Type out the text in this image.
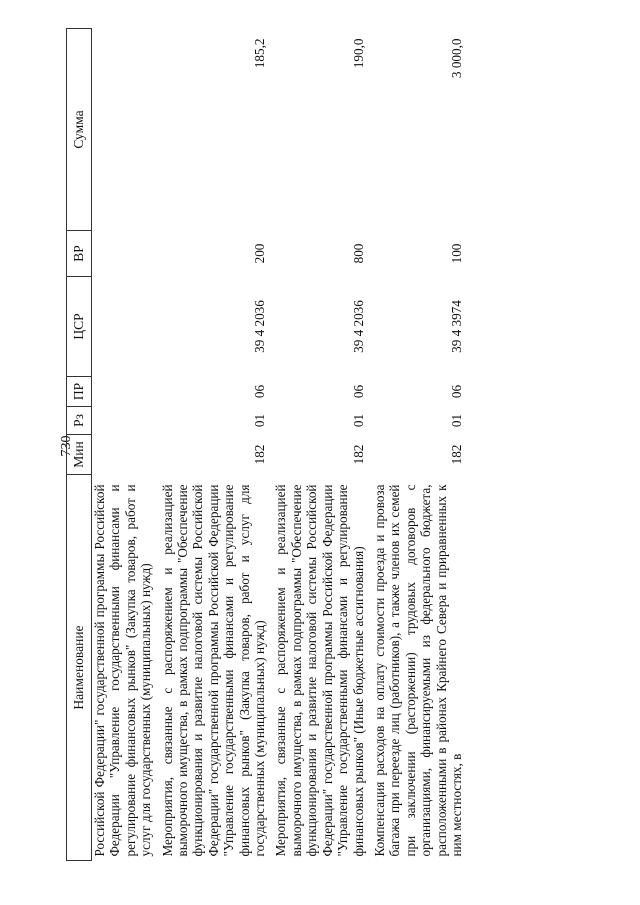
730
Наименование	Мин	Рз	ПР	ЦСР	ВР	Сумма
Российской Федерации" государственной программы Российской Федерации "Управление государственными финансами и регулирование финансовых рынков" (Закупка товаров, работ и услуг для государственных (муниципальных) нужд)						
Мероприятия, связанные с распоряжением и реализацией выморочного имущества, в рамках подпрограммы "Обеспечение функционирования и развитие налоговой системы Российской Федерации" государственной программы Российской Федерации "Управление государственными финансами и регулирование финансовых рынков" (Закупка товаров, работ и услуг для государственных (муниципальных) нужд)	182	01	06	39 4 2036	200	185,2
Мероприятия, связанные с распоряжением и реализацией выморочного имущества, в рамках подпрограммы "Обеспечение функционирования и развитие налоговой системы Российской Федерации" государственной программы Российской Федерации "Управление государственными финансами и регулирование финансовых рынков" (Иные бюджетные ассигнования)	182	01	06	39 4 2036	800	190,0
Компенсация расходов на оплату стоимости проезда и провоза багажа при переезде лиц (работников), а также членов их семей при заключении (расторжении) трудовых договоров с организациями, финансируемыми из федерального бюджета, расположенными в районах Крайнего Севера и приравненных к ним местностях, в	182	01	06	39 4 3974	100	3 000,0
